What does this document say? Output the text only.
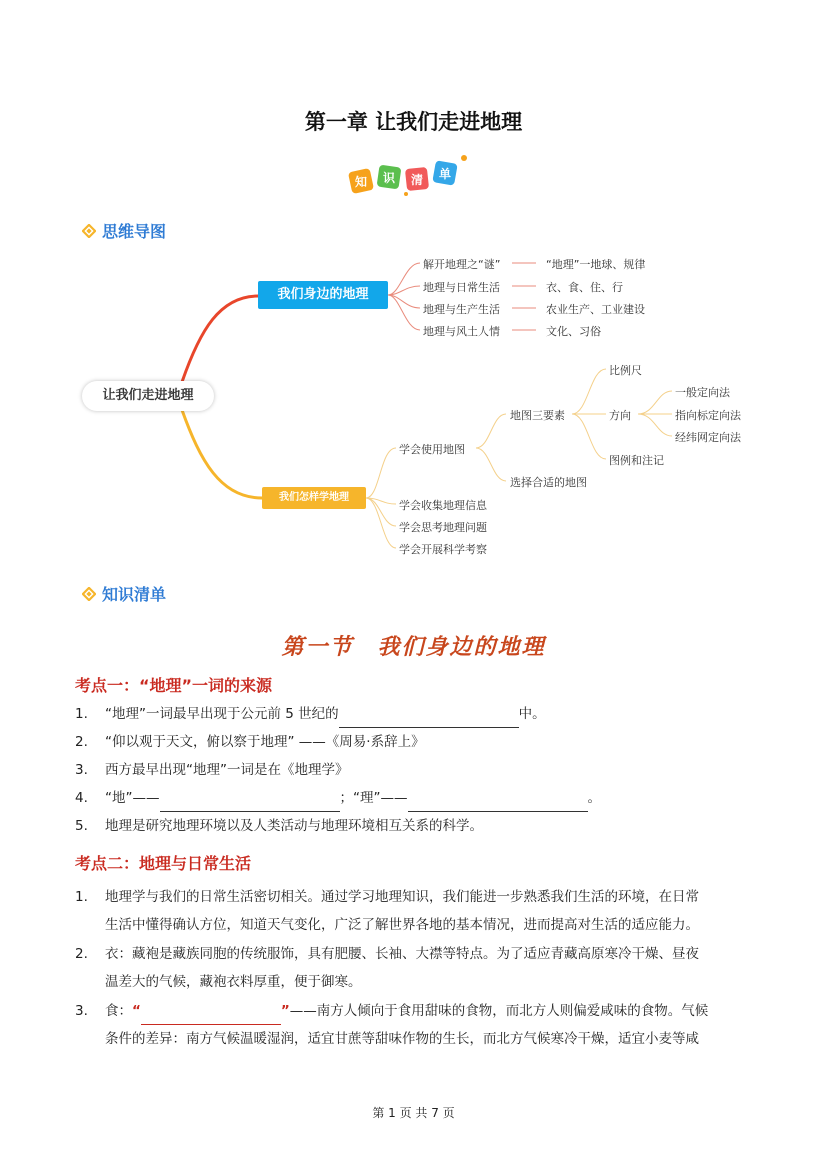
第一章 让我们走进地理
知 识 清 单
思维导图
让我们走进地理
我们身边的地理
我们怎样学地理
解开地理之“谜”
地理与日常生活
地理与生产生活
地理与风土人情
“地理”一地球、规律
衣、食、住、行
农业生产、工业建设
文化、习俗
学会使用地图
学会收集地理信息
学会思考地理问题
学会开展科学考察
地图三要素
选择合适的地图
比例尺
方向
图例和注记
一般定向法
指向标定向法
经纬网定向法
知识清单
第一节　我们身边的地理
考点一：“地理”一词的来源
1. “地理”一词最早出现于公元前 5 世纪的	中。
2. “仰以观于天文，俯以察于地理” ——《周易·系辞上》
3. 西方最早出现“地理”一词是在《地理学》
4. “地”——	；“理”——	。
5. 地理是研究地理环境以及人类活动与地理环境相互关系的科学。
考点二：地理与日常生活
1. 地理学与我们的日常生活密切相关。通过学习地理知识，我们能进一步熟悉我们生活的环境，在日常
生活中懂得确认方位，知道天气变化，广泛了解世界各地的基本情况，进而提高对生活的适应能力。
2. 衣：藏袍是藏族同胞的传统服饰，具有肥腰、长袖、大襟等特点。为了适应青藏高原寒冷干燥、昼夜
温差大的气候，藏袍衣料厚重，便于御寒。
3. 食：“	”——南方人倾向于食用甜味的食物，而北方人则偏爱咸味的食物。气候
条件的差异：南方气候温暖湿润，适宜甘蔗等甜味作物的生长，而北方气候寒冷干燥，适宜小麦等咸
第 1 页 共 7 页
